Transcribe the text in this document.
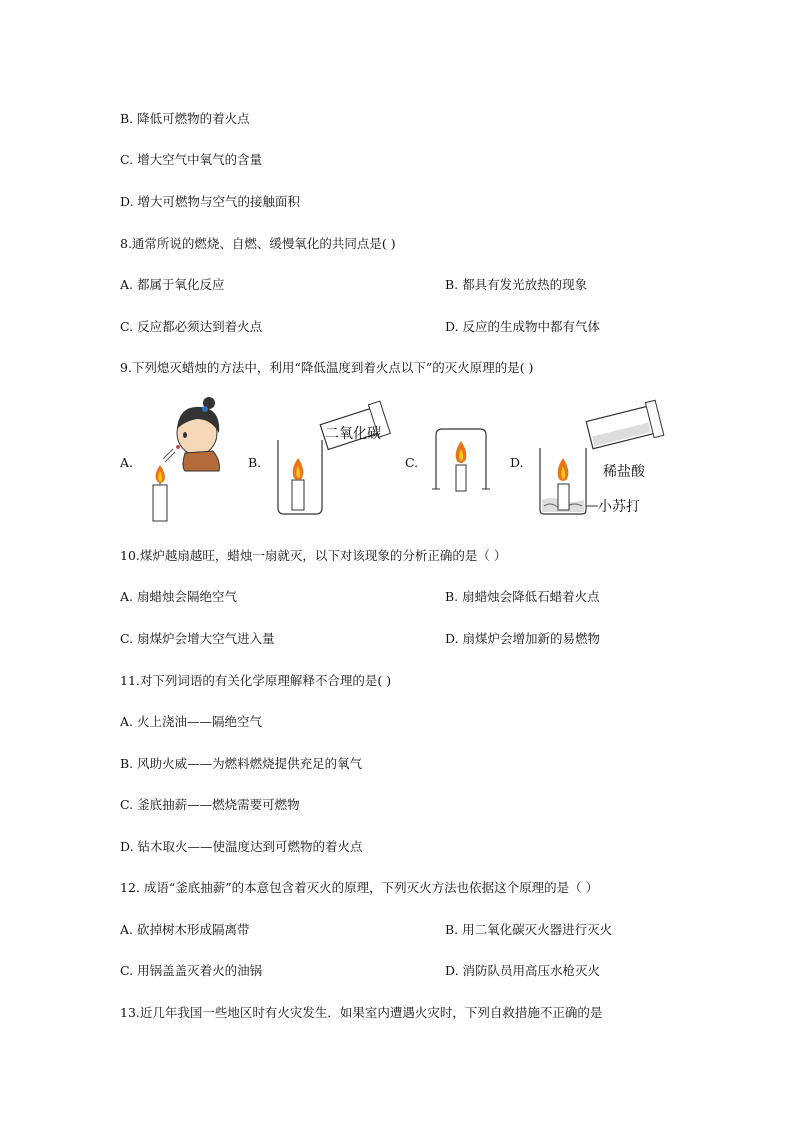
B. 降低可燃物的着火点
C. 增大空气中氧气的含量
D. 增大可燃物与空气的接触面积
8.通常所说的燃烧、自燃、缓慢氧化的共同点是( )
A. 都属于氧化反应	B. 都具有发光放热的现象
C. 反应都必须达到着火点	D. 反应的生成物中都有气体
9.下列熄灭蜡烛的方法中，利用“降低温度到着火点以下”的灭火原理的是( )
A.	B.
二氧化碳
C.	D.
稀盐酸
小苏打
10.煤炉越扇越旺，蜡烛一扇就灭，以下对该现象的分析正确的是（ ）
A. 扇蜡烛会隔绝空气	B. 扇蜡烛会降低石蜡着火点
C. 扇煤炉会增大空气进入量	D. 扇煤炉会增加新的易燃物
11.对下列词语的有关化学原理解释不合理的是( )
A. 火上浇油——隔绝空气
B. 风助火威——为燃料燃烧提供充足的氧气
C. 釜底抽薪——燃烧需要可燃物
D. 钻木取火——使温度达到可燃物的着火点
12. 成语“釜底抽薪”的本意包含着灭火的原理，下列灭火方法也依据这个原理的是（ ）
A. 砍掉树木形成隔离带	B. 用二氧化碳灭火器进行灭火
C. 用锅盖盖灭着火的油锅	D. 消防队员用高压水枪灭火
13.近几年我国一些地区时有火灾发生．如果室内遭遇火灾时，下列自救措施不正确的是
